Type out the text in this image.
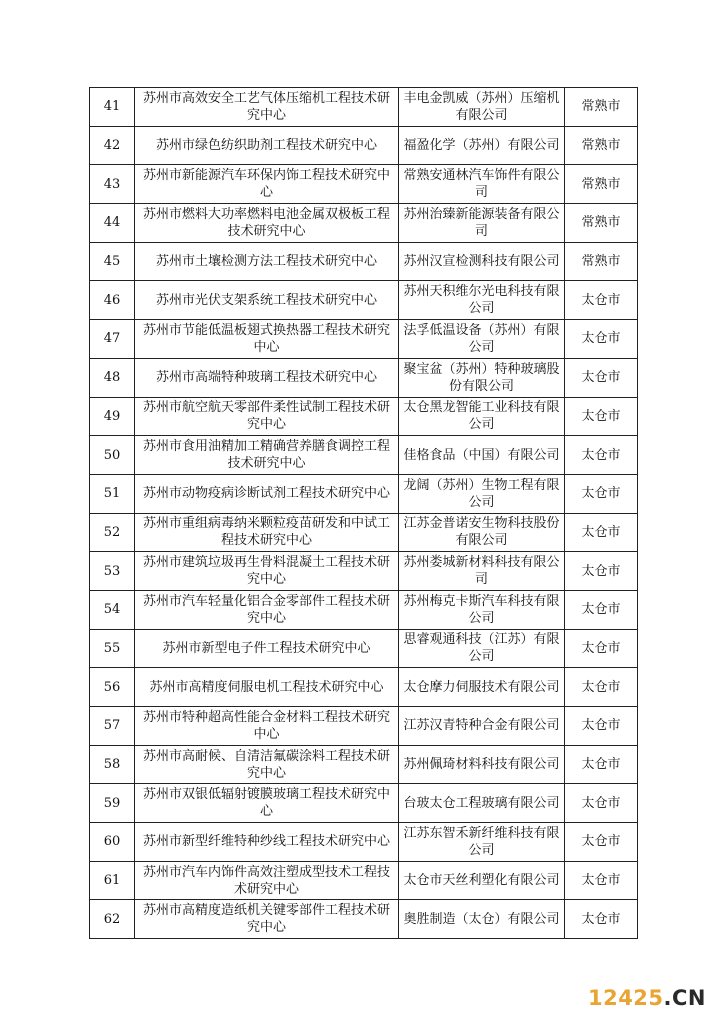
41	苏州市高效安全工艺气体压缩机工程技术研究中心	丰电金凯威（苏州）压缩机有限公司	常熟市
42	苏州市绿色纺织助剂工程技术研究中心	福盈化学（苏州）有限公司	常熟市
43	苏州市新能源汽车环保内饰工程技术研究中心	常熟安通林汽车饰件有限公司	常熟市
44	苏州市燃料大功率燃料电池金属双极板工程技术研究中心	苏州治臻新能源装备有限公司	常熟市
45	苏州市土壤检测方法工程技术研究中心	苏州汉宣检测科技有限公司	常熟市
46	苏州市光伏支架系统工程技术研究中心	苏州天积维尔光电科技有限公司	太仓市
47	苏州市节能低温板翅式换热器工程技术研究中心	法孚低温设备（苏州）有限公司	太仓市
48	苏州市高端特种玻璃工程技术研究中心	聚宝盆（苏州）特种玻璃股份有限公司	太仓市
49	苏州市航空航天零部件柔性试制工程技术研究中心	太仓黑龙智能工业科技有限公司	太仓市
50	苏州市食用油精加工精确营养膳食调控工程技术研究中心	佳格食品（中国）有限公司	太仓市
51	苏州市动物疫病诊断试剂工程技术研究中心	龙阔（苏州）生物工程有限公司	太仓市
52	苏州市重组病毒纳米颗粒疫苗研发和中试工程技术研究中心	江苏金普诺安生物科技股份有限公司	太仓市
53	苏州市建筑垃圾再生骨料混凝土工程技术研究中心	苏州娄城新材料科技有限公司	太仓市
54	苏州市汽车轻量化铝合金零部件工程技术研究中心	苏州梅克卡斯汽车科技有限公司	太仓市
55	苏州市新型电子件工程技术研究中心	思睿观通科技（江苏）有限公司	太仓市
56	苏州市高精度伺服电机工程技术研究中心	太仓摩力伺服技术有限公司	太仓市
57	苏州市特种超高性能合金材料工程技术研究中心	江苏汉青特种合金有限公司	太仓市
58	苏州市高耐候、自清洁氟碳涂料工程技术研究中心	苏州佩琦材料科技有限公司	太仓市
59	苏州市双银低辐射镀膜玻璃工程技术研究中心	台玻太仓工程玻璃有限公司	太仓市
60	苏州市新型纤维特种纱线工程技术研究中心	江苏东智禾新纤维科技有限公司	太仓市
61	苏州市汽车内饰件高效注塑成型技术工程技术研究中心	太仓市天丝利塑化有限公司	太仓市
62	苏州市高精度造纸机关键零部件工程技术研究中心	奥胜制造（太仓）有限公司	太仓市
12425.CN
